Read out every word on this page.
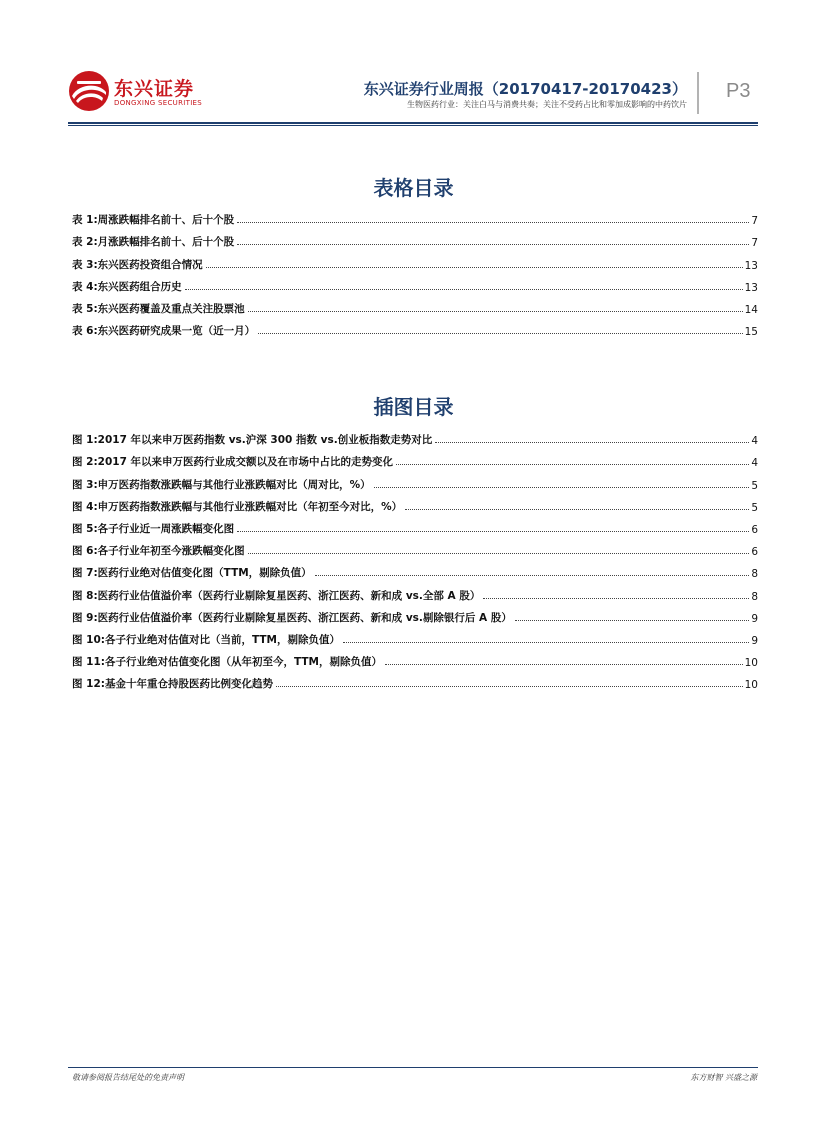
东兴证券
DONGXING SECURITIES
东兴证券行业周报（20170417-20170423）
生物医药行业：关注白马与消费共奏；关注不受药占比和零加成影响的中药饮片
P3
表格目录
表 1:周涨跌幅排名前十、后十个股	7
表 2:月涨跌幅排名前十、后十个股	7
表 3:东兴医药投资组合情况	13
表 4:东兴医药组合历史	13
表 5:东兴医药覆盖及重点关注股票池	14
表 6:东兴医药研究成果一览（近一月）	15
插图目录
图 1:2017 年以来申万医药指数 vs.沪深 300 指数 vs.创业板指数走势对比	4
图 2:2017 年以来申万医药行业成交额以及在市场中占比的走势变化	4
图 3:申万医药指数涨跌幅与其他行业涨跌幅对比（周对比，%）	5
图 4:申万医药指数涨跌幅与其他行业涨跌幅对比（年初至今对比，%）	5
图 5:各子行业近一周涨跌幅变化图	6
图 6:各子行业年初至今涨跌幅变化图	6
图 7:医药行业绝对估值变化图（TTM，剔除负值）	8
图 8:医药行业估值溢价率（医药行业剔除复星医药、浙江医药、新和成 vs.全部 A 股）	8
图 9:医药行业估值溢价率（医药行业剔除复星医药、浙江医药、新和成 vs.剔除银行后 A 股）	9
图 10:各子行业绝对估值对比（当前，TTM，剔除负值）	9
图 11:各子行业绝对估值变化图（从年初至今，TTM，剔除负值）	10
图 12:基金十年重仓持股医药比例变化趋势	10
敬请参阅报告结尾处的免责声明	东方财智 兴盛之源
